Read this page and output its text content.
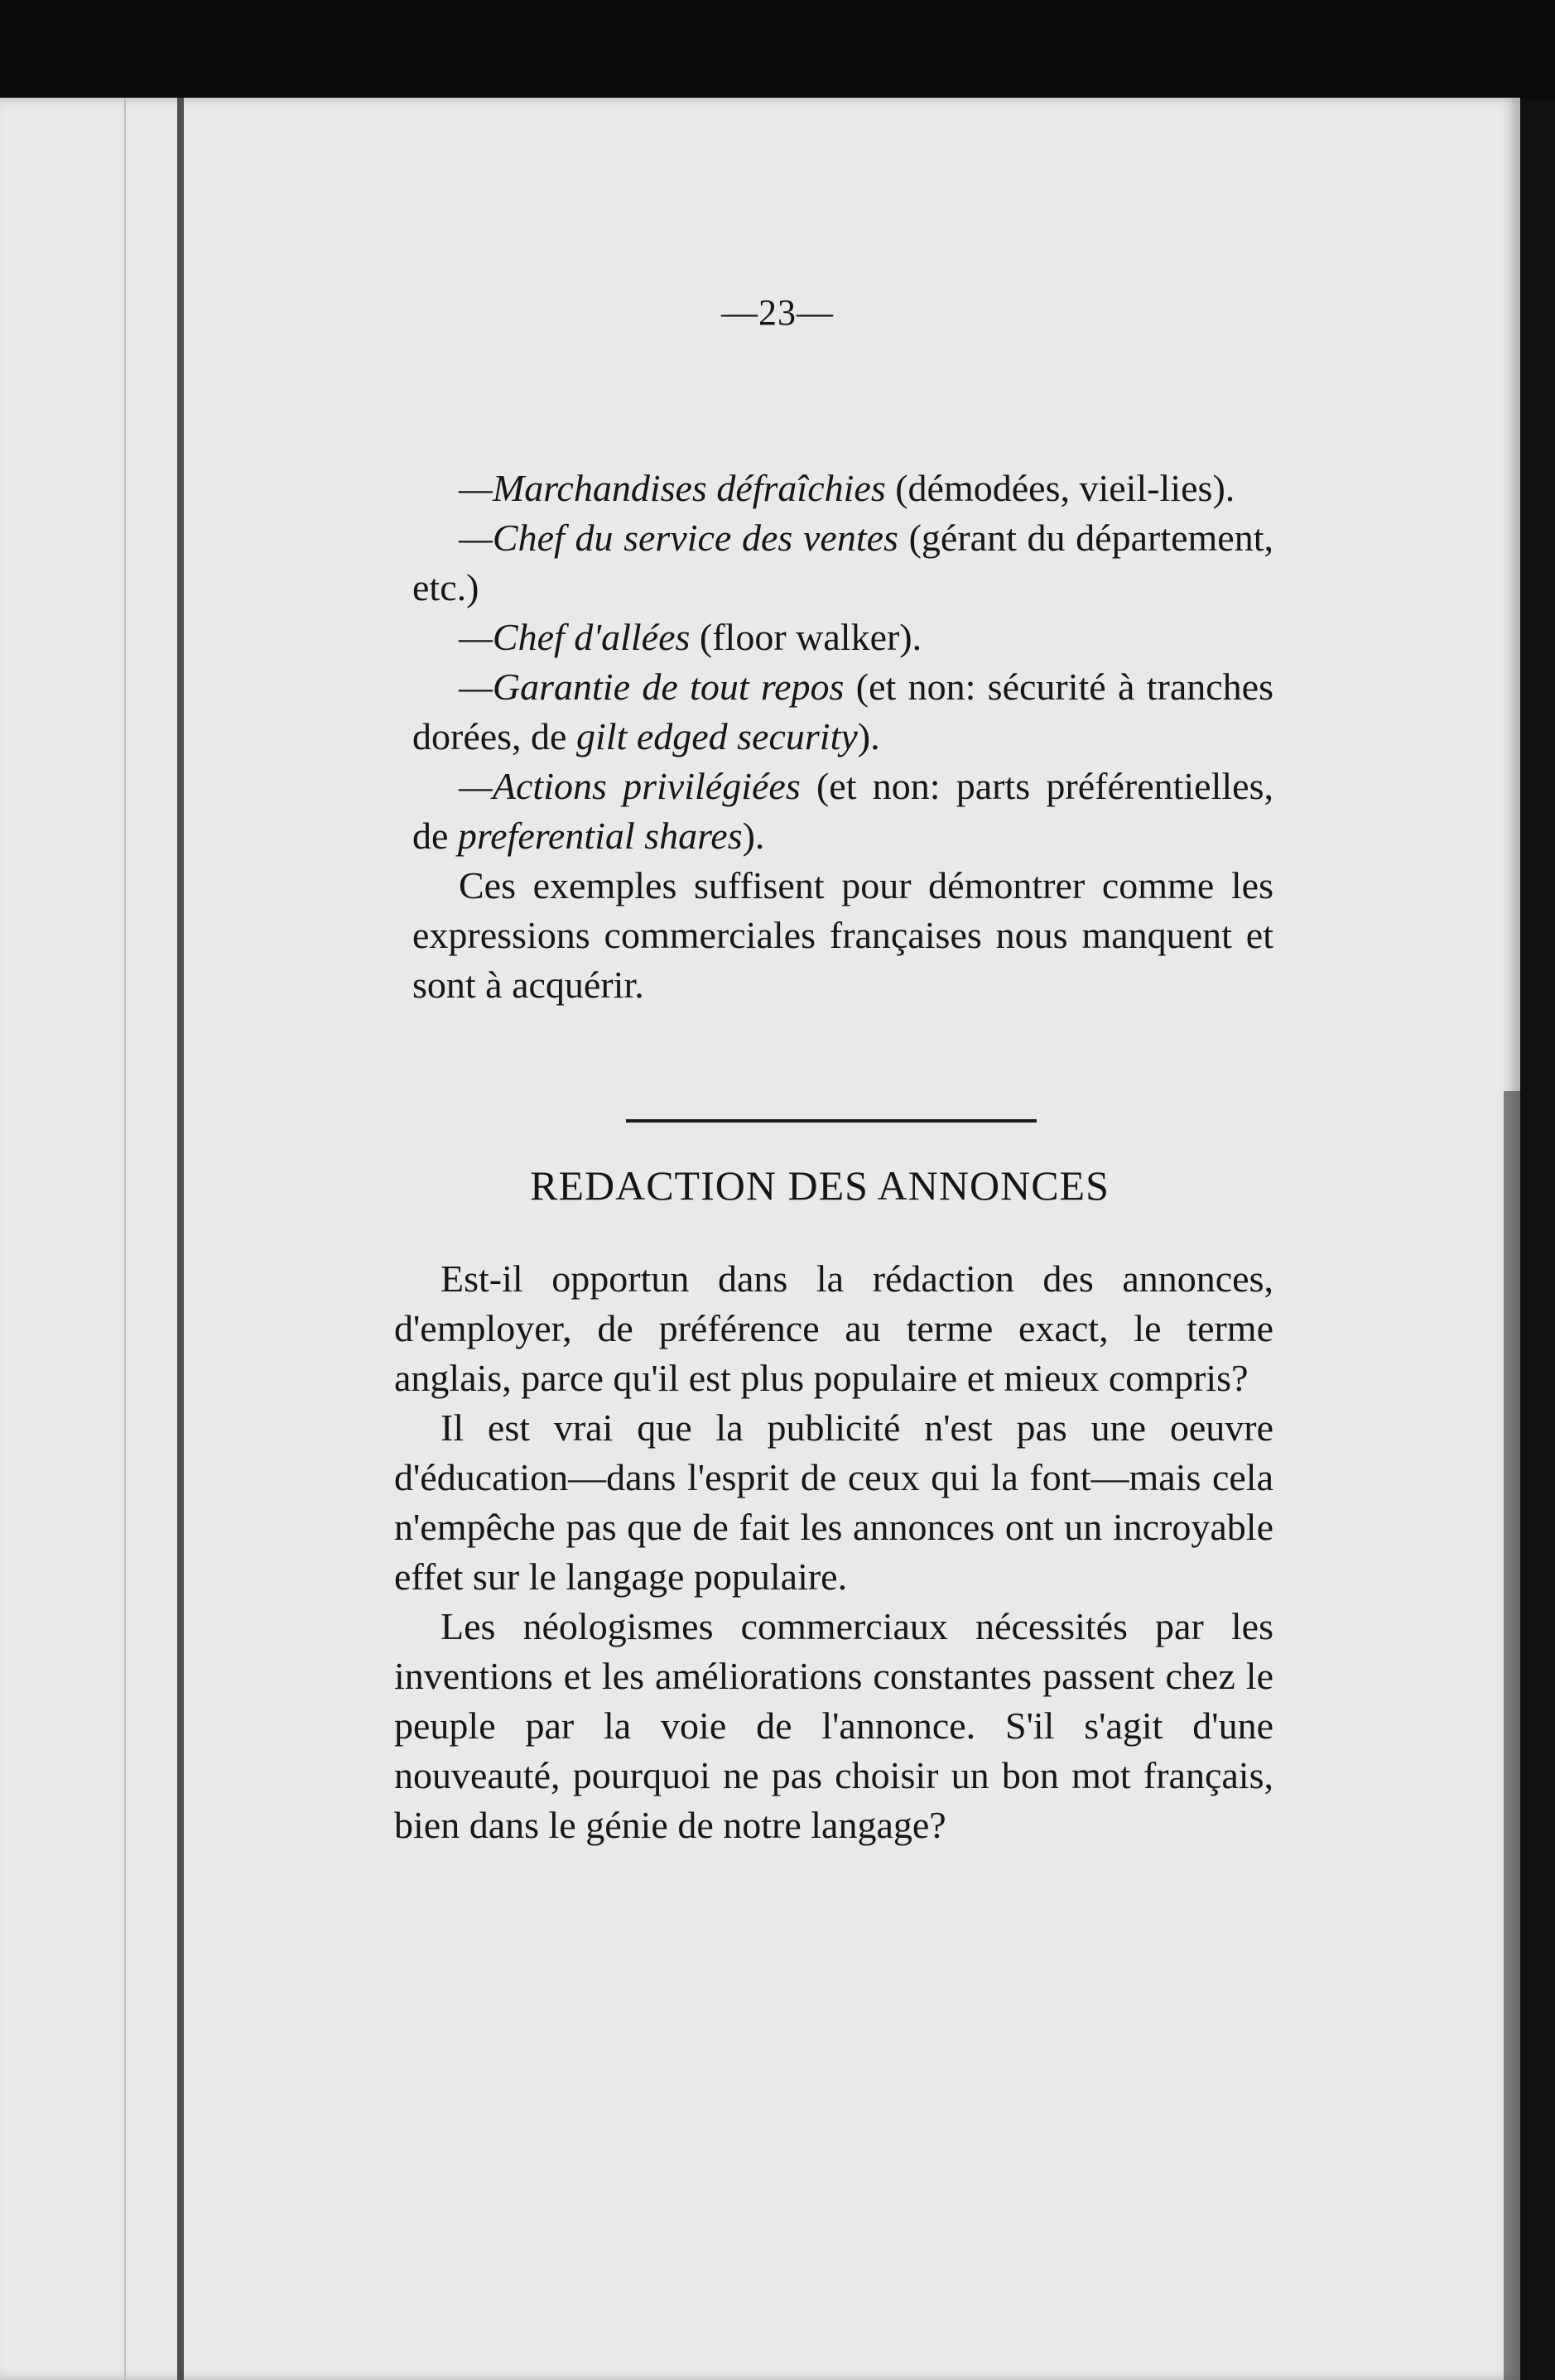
—23—

—Marchandises défraîchies (démodées, vieil-lies).

—Chef du service des ventes (gérant du département, etc.)

—Chef d'allées (floor walker).

—Garantie de tout repos (et non: sécurité à tranches dorées, de gilt edged security).

—Actions privilégiées (et non: parts préférentielles, de preferential shares).

Ces exemples suffisent pour démontrer comme les expressions commerciales françaises nous manquent et sont à acquérir.

REDACTION DES ANNONCES

Est-il opportun dans la rédaction des annonces, d'employer, de préférence au terme exact, le terme anglais, parce qu'il est plus populaire et mieux compris?

Il est vrai que la publicité n'est pas une oeuvre d'éducation—dans l'esprit de ceux qui la font—mais cela n'empêche pas que de fait les annonces ont un incroyable effet sur le langage populaire.

Les néologismes commerciaux nécessités par les inventions et les améliorations constantes passent chez le peuple par la voie de l'annonce. S'il s'agit d'une nouveauté, pourquoi ne pas choisir un bon mot français, bien dans le génie de notre langage?
